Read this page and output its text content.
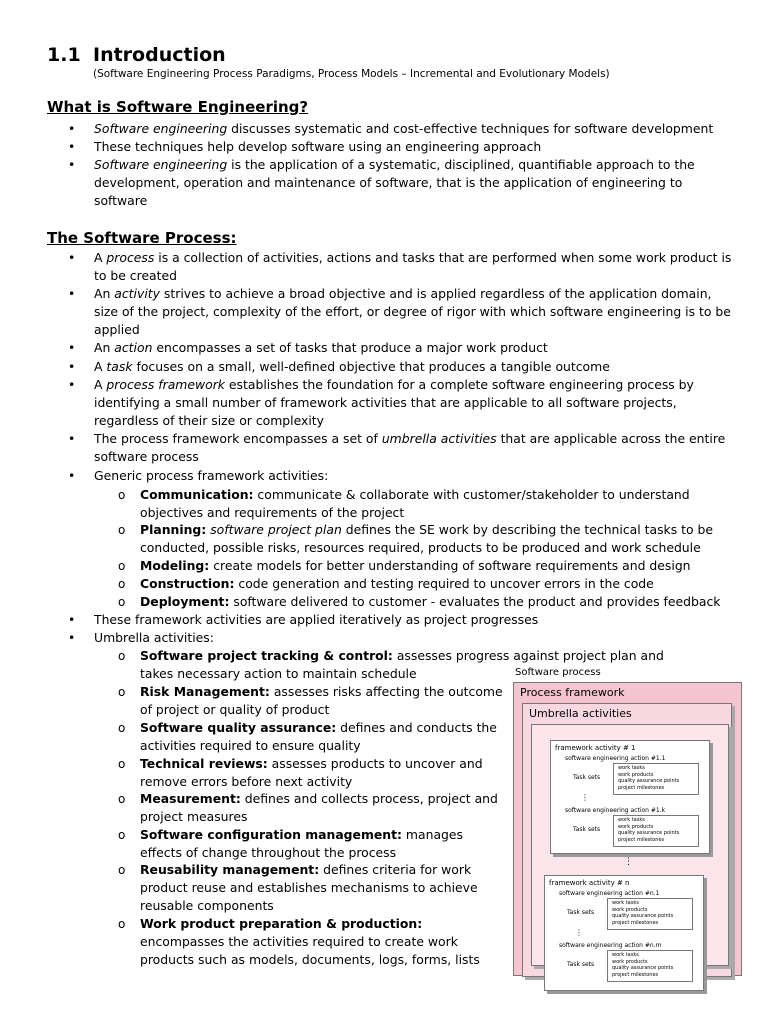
1.1 Introduction
(Software Engineering Process Paradigms, Process Models – Incremental and Evolutionary Models)
What is Software Engineering?
• Software engineering discusses systematic and cost-effective techniques for software development
• These techniques help develop software using an engineering approach
• Software engineering is the application of a systematic, disciplined, quantifiable approach to the development, operation and maintenance of software, that is the application of engineering to software
The Software Process:
• A process is a collection of activities, actions and tasks that are performed when some work product is to be created
• An activity strives to achieve a broad objective and is applied regardless of the application domain, size of the project, complexity of the effort, or degree of rigor with which software engineering is to be applied
• An action encompasses a set of tasks that produce a major work product
• A task focuses on a small, well-defined objective that produces a tangible outcome
• A process framework establishes the foundation for a complete software engineering process by identifying a small number of framework activities that are applicable to all software projects, regardless of their size or complexity
• The process framework encompasses a set of umbrella activities that are applicable across the entire software process
• Generic process framework activities:
o Communication: communicate & collaborate with customer/stakeholder to understand objectives and requirements of the project
o Planning: software project plan defines the SE work by describing the technical tasks to be conducted, possible risks, resources required, products to be produced and work schedule
o Modeling: create models for better understanding of software requirements and design
o Construction: code generation and testing required to uncover errors in the code
o Deployment: software delivered to customer - evaluates the product and provides feedback
• These framework activities are applied iteratively as project progresses
• Umbrella activities:
o Software project tracking & control: assesses progress against project plan and takes necessary action to maintain schedule
o Risk Management: assesses risks affecting the outcome of project or quality of product
o Software quality assurance: defines and conducts the activities required to ensure quality
o Technical reviews: assesses products to uncover and remove errors before next activity
o Measurement: defines and collects process, project and project measures
o Software configuration management: manages effects of change throughout the process
o Reusability management: defines criteria for work product reuse and establishes mechanisms to achieve reusable components
o Work product preparation & production: encompasses the activities required to create work products such as models, documents, logs, forms, lists
Software process
Process framework
Umbrella activities
framework activity # 1
software engineering action #1.1
Task sets
work tasks
work products
quality assurance points
project milestones
⋮
software engineering action #1.k
Task sets
work tasks
work products
quality assurance points
project milestones
⋮
framework activity # n
software engineering action #n.1
Task sets
work tasks
work products
quality assurance points
project milestones
⋮
software engineering action #n.m
Task sets
work tasks
work products
quality assurance points
project milestones
